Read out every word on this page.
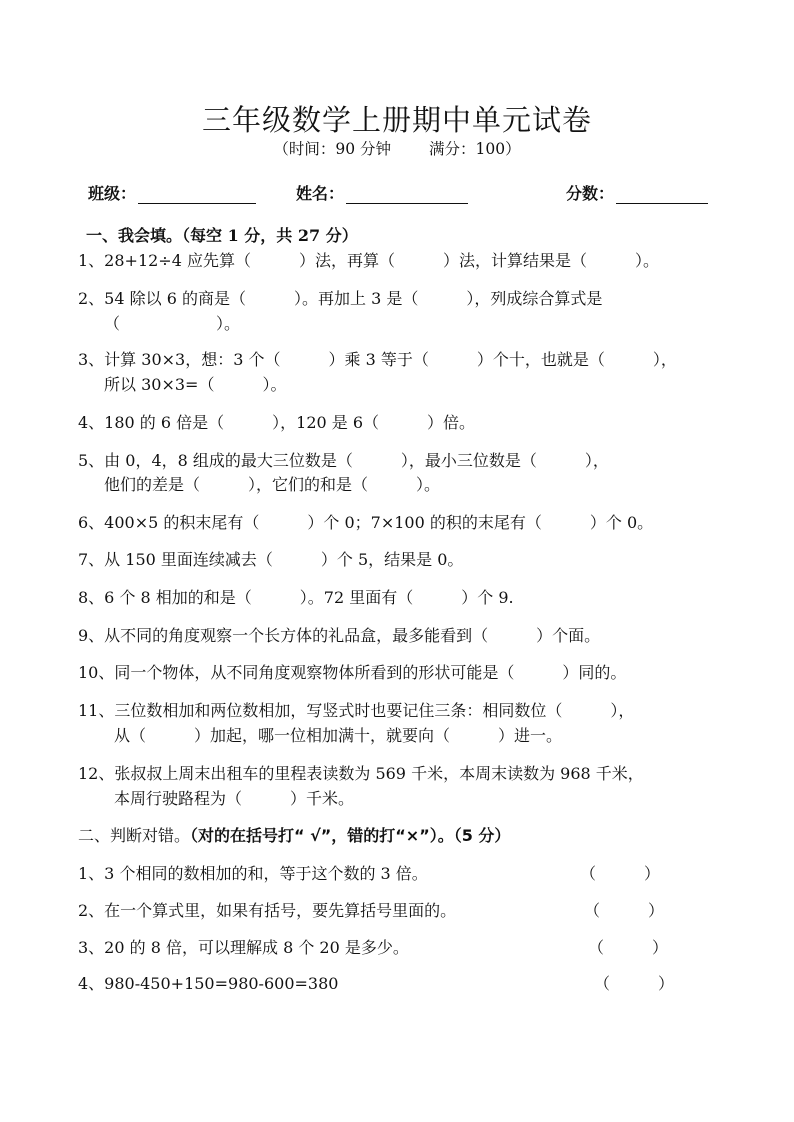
三年级数学上册期中单元试卷
（时间：90 分钟 满分：100）
班级：	姓名：	分数：
一、我会填。（每空 1 分，共 27 分）
1、28+12÷4 应先算（　　　）法，再算（　　　）法，计算结果是（　　　）。
2、54 除以 6 的商是（　　　）。再加上 3 是（　　　），列成综合算式是
（　　　　　　）。
3、计算 30×3，想：3 个（　　　）乘 3 等于（　　　）个十，也就是（　　　），
所以 30×3=（　　　）。
4、180 的 6 倍是（　　　），120 是 6（　　　）倍。
5、由 0，4，8 组成的最大三位数是（　　　），最小三位数是（　　　），
他们的差是（　　　），它们的和是（　　　）。
6、400×5 的积末尾有（　　　）个 0；7×100 的积的末尾有（　　　）个 0。
7、从 150 里面连续减去（　　　）个 5，结果是 0。
8、6 个 8 相加的和是（　　　）。72 里面有（　　　）个 9.
9、从不同的角度观察一个长方体的礼品盒，最多能看到（　　　）个面。
10、同一个物体，从不同角度观察物体所看到的形状可能是（　　　）同的。
11、三位数相加和两位数相加，写竖式时也要记住三条：相同数位（　　　），
从（　　　）加起，哪一位相加满十，就要向（　　　）进一。
12、张叔叔上周末出租车的里程表读数为 569 千米，本周末读数为 968 千米，
本周行驶路程为（　　　）千米。
二、判断对错。（对的在括号打“ √”，错的打“×”）。（5 分）
1、3 个相同的数相加的和，等于这个数的 3 倍。	（　　　）
2、在一个算式里，如果有括号，要先算括号里面的。	（　　　）
3、20 的 8 倍，可以理解成 8 个 20 是多少。	（　　　）
4、980-450+150=980-600=380	（　　　）
